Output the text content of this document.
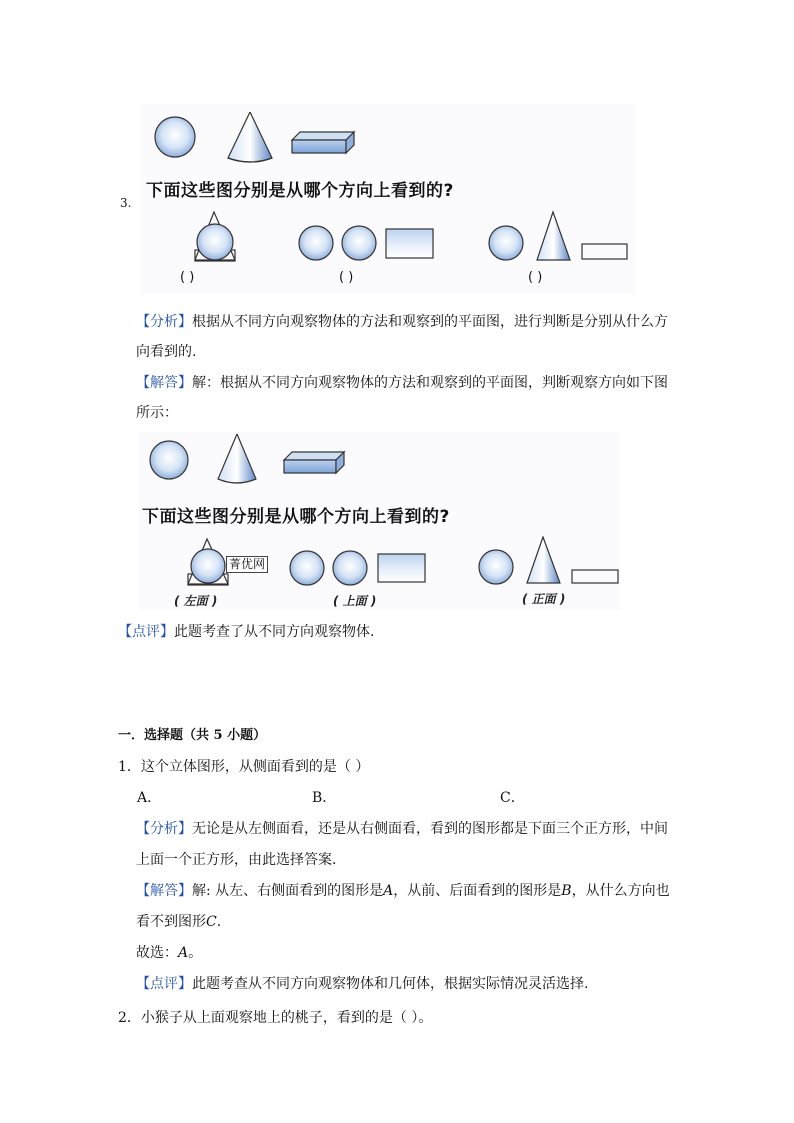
下面这些图分别是从哪个方向上看到的?
( )	( )	( )
3.
【分析】根据从不同方向观察物体的方法和观察到的平面图，进行判断是分别从什么方
向看到的.
【解答】解：根据从不同方向观察物体的方法和观察到的平面图，判断观察方向如下图
所示：
下面这些图分别是从哪个方向上看到的?
菁优网
( 左面 )	( 上面 )	( 正面 )
【点评】此题考查了从不同方向观察物体.
一．选择题（共 5 小题）
1．这个立体图形，从侧面看到的是（ ）
A．	B．	C．
【分析】无论是从左侧面看，还是从右侧面看，看到的图形都是下面三个正方形，中间
上面一个正方形，由此选择答案.
【解答】解: 从左、右侧面看到的图形是A，从前、后面看到的图形是B，从什么方向也
看不到图形C.
故选：A。
【点评】此题考查从不同方向观察物体和几何体，根据实际情况灵活选择.
2．小猴子从上面观察地上的桃子，看到的是（ ）。
